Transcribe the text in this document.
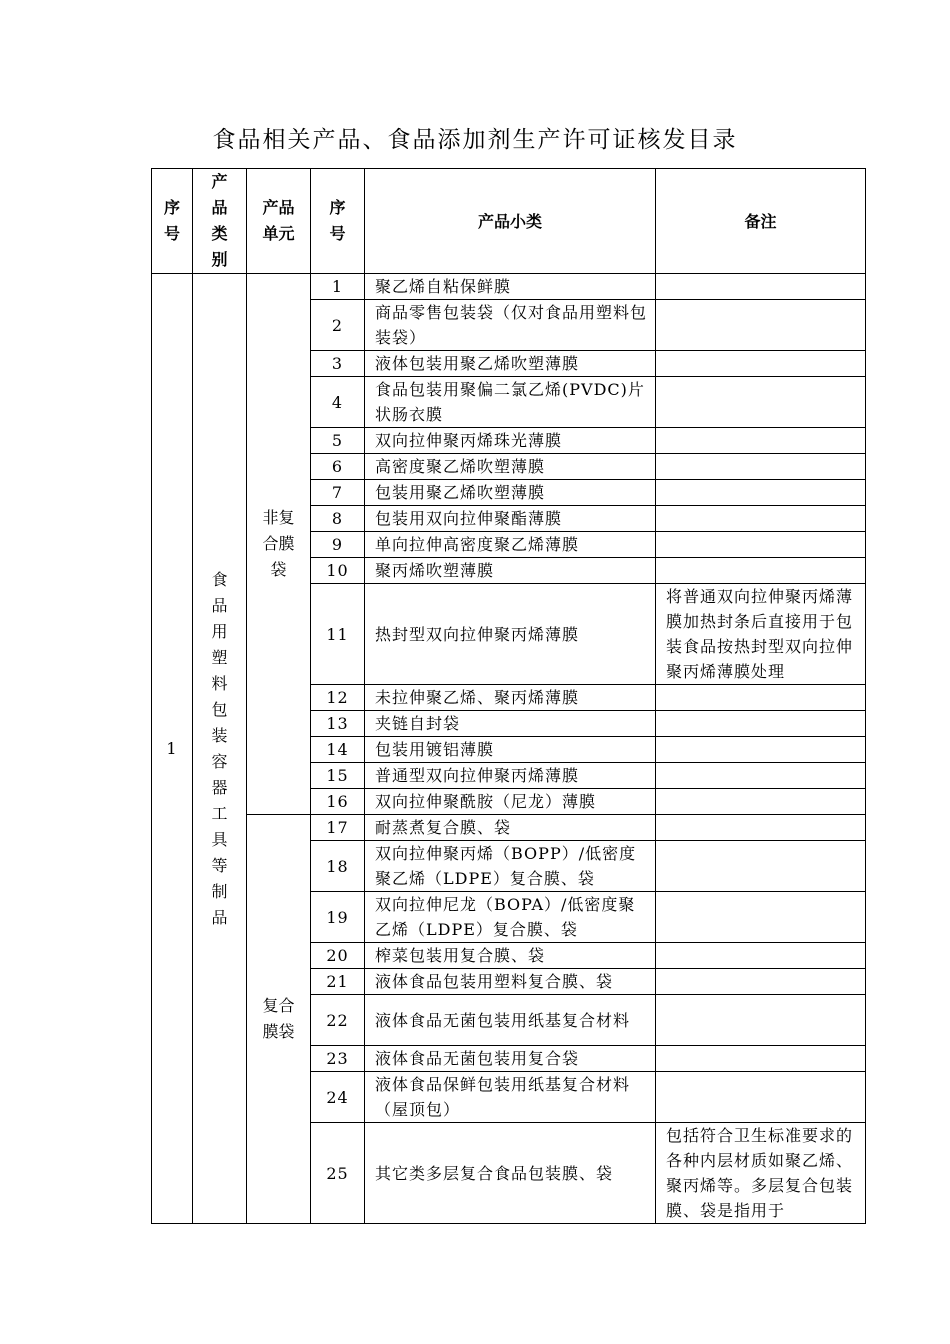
食品相关产品、食品添加剂生产许可证核发目录
序号	产品类别	产品单元	序号	产品小类	备注
1	食品用塑料包装容器工具等制品	非复合膜袋	1	聚乙烯自粘保鲜膜	
			2	商品零售包装袋（仅对食品用塑料包装袋）	
			3	液体包装用聚乙烯吹塑薄膜	
			4	食品包装用聚偏二氯乙烯(PVDC)片状肠衣膜	
			5	双向拉伸聚丙烯珠光薄膜	
			6	高密度聚乙烯吹塑薄膜	
			7	包装用聚乙烯吹塑薄膜	
			8	包装用双向拉伸聚酯薄膜	
			9	单向拉伸高密度聚乙烯薄膜	
			10	聚丙烯吹塑薄膜	
			11	热封型双向拉伸聚丙烯薄膜	将普通双向拉伸聚丙烯薄膜加热封条后直接用于包装食品按热封型双向拉伸聚丙烯薄膜处理
			12	未拉伸聚乙烯、聚丙烯薄膜	
			13	夹链自封袋	
			14	包装用镀铝薄膜	
			15	普通型双向拉伸聚丙烯薄膜	
			16	双向拉伸聚酰胺（尼龙）薄膜	
		复合膜袋	17	耐蒸煮复合膜、袋	
			18	双向拉伸聚丙烯（BOPP）/低密度聚乙烯（LDPE）复合膜、袋	
			19	双向拉伸尼龙（BOPA）/低密度聚乙烯（LDPE）复合膜、袋	
			20	榨菜包装用复合膜、袋	
			21	液体食品包装用塑料复合膜、袋	
			22	液体食品无菌包装用纸基复合材料	
			23	液体食品无菌包装用复合袋	
			24	液体食品保鲜包装用纸基复合材料（屋顶包）	
			25	其它类多层复合食品包装膜、袋	包括符合卫生标准要求的各种内层材质如聚乙烯、聚丙烯等。多层复合包装膜、袋是指用于
